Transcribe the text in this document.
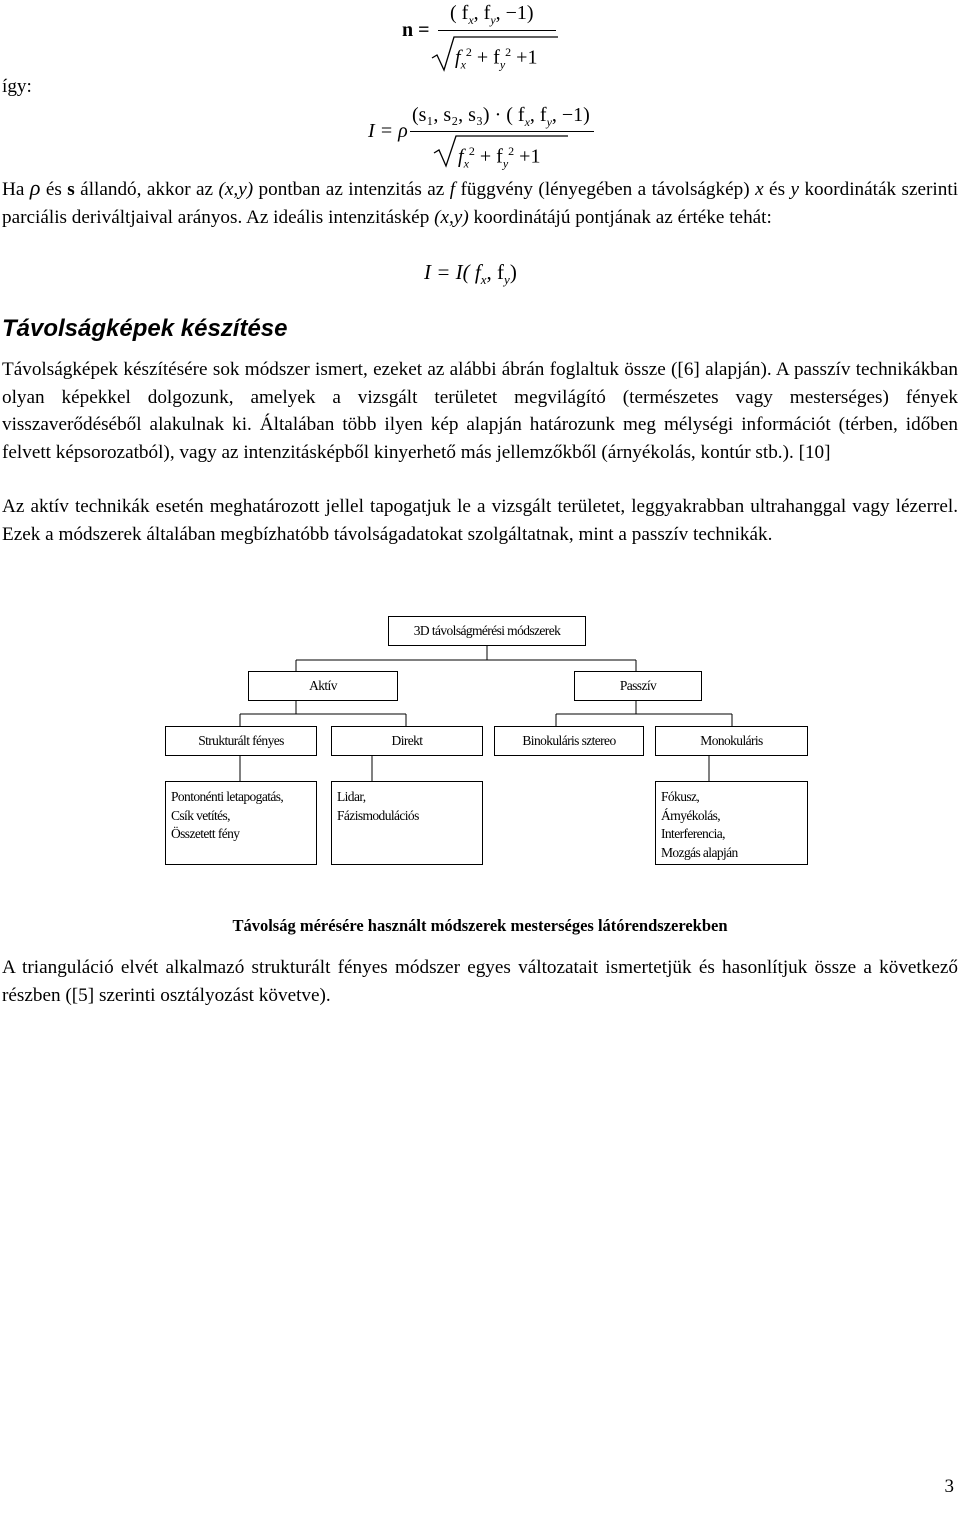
n =
( $f_x$, $f_y$, −1)
$f_x^2 + f_y^2 +1$
így:
I = ρ
(s₁, s₂, s₃) · ( $f_x$, $f_y$, −1)
$f_x^2 + f_y^2 +1$
Ha ρ és s állandó, akkor az (x,y) pontban az intenzitás az f függvény (lényegében a távolságkép) x és y koordináták szerinti parciális deriváltjaival arányos. Az ideális intenzitáskép (x,y) koordinátájú pontjának az értéke tehát:
I = I( $f_x$, $f_y$)
Távolságképek készítése
Távolságképek készítésére sok módszer ismert, ezeket az alábbi ábrán foglaltuk össze ([6] alapján). A passzív technikákban olyan képekkel dolgozunk, amelyek a vizsgált területet megvilágító (természetes vagy mesterséges) fények visszaverődéséből alakulnak ki. Általában több ilyen kép alapján határozunk meg mélységi információt (térben, időben felvett képsorozatból), vagy az intenzitásképből kinyerhető más jellemzőkből (árnyékolás, kontúr stb.). [10]
Az aktív technikák esetén meghatározott jellel tapogatjuk le a vizsgált területet, leggyakrabban ultrahanggal vagy lézerrel. Ezek a módszerek általában megbízhatóbb távolságadatokat szolgáltatnak, mint a passzív technikák.
3D távolságmérési módszerek
Aktív	Passzív
Strukturált fényes	Direkt	Binokuláris sztereo	Monokuláris
Pontonénti letapogatás,
Csík vetítés,
Összetett fény
Lidar,
Fázismodulációs
Fókusz,
Árnyékolás,
Interferencia,
Mozgás alapján
Távolság mérésére használt módszerek mesterséges látórendszerekben
A trianguláció elvét alkalmazó strukturált fényes módszer egyes változatait ismertetjük és hasonlítjuk össze a következő részben ([5] szerinti osztályozást követve).
3
